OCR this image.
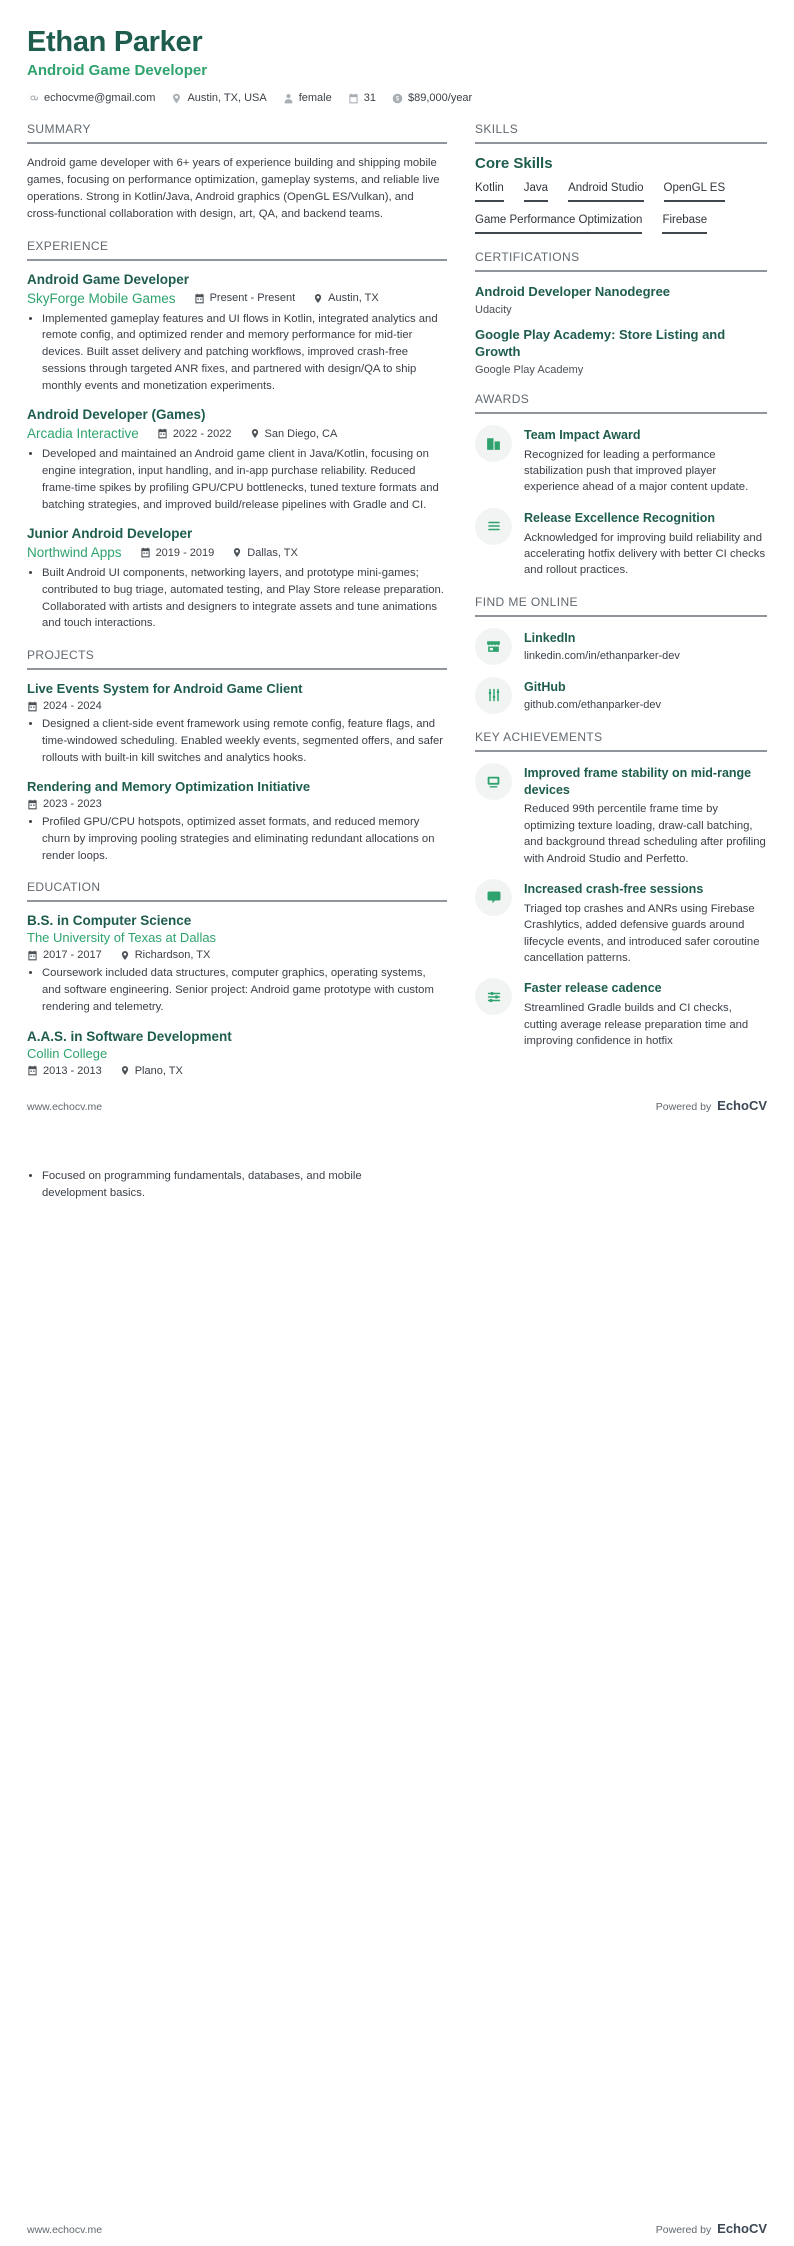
Ethan Parker
Android Game Developer
echocvme@gmail.com	Austin, TX, USA	female	31 $ $89,000/year
SUMMARY

Android game developer with 6+ years of experience building and shipping mobile games, focusing on performance optimization, gameplay systems, and reliable live operations. Strong in Kotlin/Java, Android graphics (OpenGL ES/Vulkan), and cross-functional collaboration with design, art, QA, and backend teams.

EXPERIENCE
Android Game Developer
SkyForge Mobile Games	Present - Present	Austin, TX
• Implemented gameplay features and UI flows in Kotlin, integrated analytics and remote config, and optimized render and memory performance for mid-tier devices. Built asset delivery and patching workflows, improved crash-free sessions through targeted ANR fixes, and partnered with design/QA to ship monthly events and monetization experiments.
Android Developer (Games)
Arcadia Interactive	2022 - 2022	San Diego, CA
• Developed and maintained an Android game client in Java/Kotlin, focusing on engine integration, input handling, and in-app purchase reliability. Reduced frame-time spikes by profiling GPU/CPU bottlenecks, tuned texture formats and batching strategies, and improved build/release pipelines with Gradle and CI.
Junior Android Developer
Northwind Apps	2019 - 2019	Dallas, TX
• Built Android UI components, networking layers, and prototype mini-games; contributed to bug triage, automated testing, and Play Store release preparation. Collaborated with artists and designers to integrate assets and tune animations and touch interactions.
PROJECTS
Live Events System for Android Game Client
2024 - 2024
• Designed a client-side event framework using remote config, feature flags, and time-windowed scheduling. Enabled weekly events, segmented offers, and safer rollouts with built-in kill switches and analytics hooks.
Rendering and Memory Optimization Initiative
2023 - 2023
• Profiled GPU/CPU hotspots, optimized asset formats, and reduced memory churn by improving pooling strategies and eliminating redundant allocations on render loops.
EDUCATION
B.S. in Computer Science
The University of Texas at Dallas
2017 - 2017	Richardson, TX
• Coursework included data structures, computer graphics, operating systems, and software engineering. Senior project: Android game prototype with custom rendering and telemetry.
A.A.S. in Software Development
Collin College
2013 - 2013	Plano, TX
SKILLS
Core Skills
Kotlin Java Android Studio OpenGL ES
Game Performance Optimization Firebase
CERTIFICATIONS
Android Developer Nanodegree
Udacity
Google Play Academy: Store Listing and Growth
Google Play Academy
AWARDS
Team Impact Award
Recognized for leading a performance stabilization push that improved player experience ahead of a major content update.
Release Excellence Recognition
Acknowledged for improving build reliability and accelerating hotfix delivery with better CI checks and rollout practices.
FIND ME ONLINE
LinkedIn
linkedin.com/in/ethanparker-dev
GitHub
github.com/ethanparker-dev
KEY ACHIEVEMENTS
Improved frame stability on mid-range devices
Reduced 99th percentile frame time by optimizing texture loading, draw-call batching, and background thread scheduling after profiling with Android Studio and Perfetto.
Increased crash-free sessions
Triaged top crashes and ANRs using Firebase Crashlytics, added defensive guards around lifecycle events, and introduced safer coroutine cancellation patterns.
Faster release cadence
Streamlined Gradle builds and CI checks, cutting average release preparation time and improving confidence in hotfix
www.echocv.me	Powered by EchoCV
• Focused on programming fundamentals, databases, and mobile development basics.
www.echocv.me	Powered by EchoCV
